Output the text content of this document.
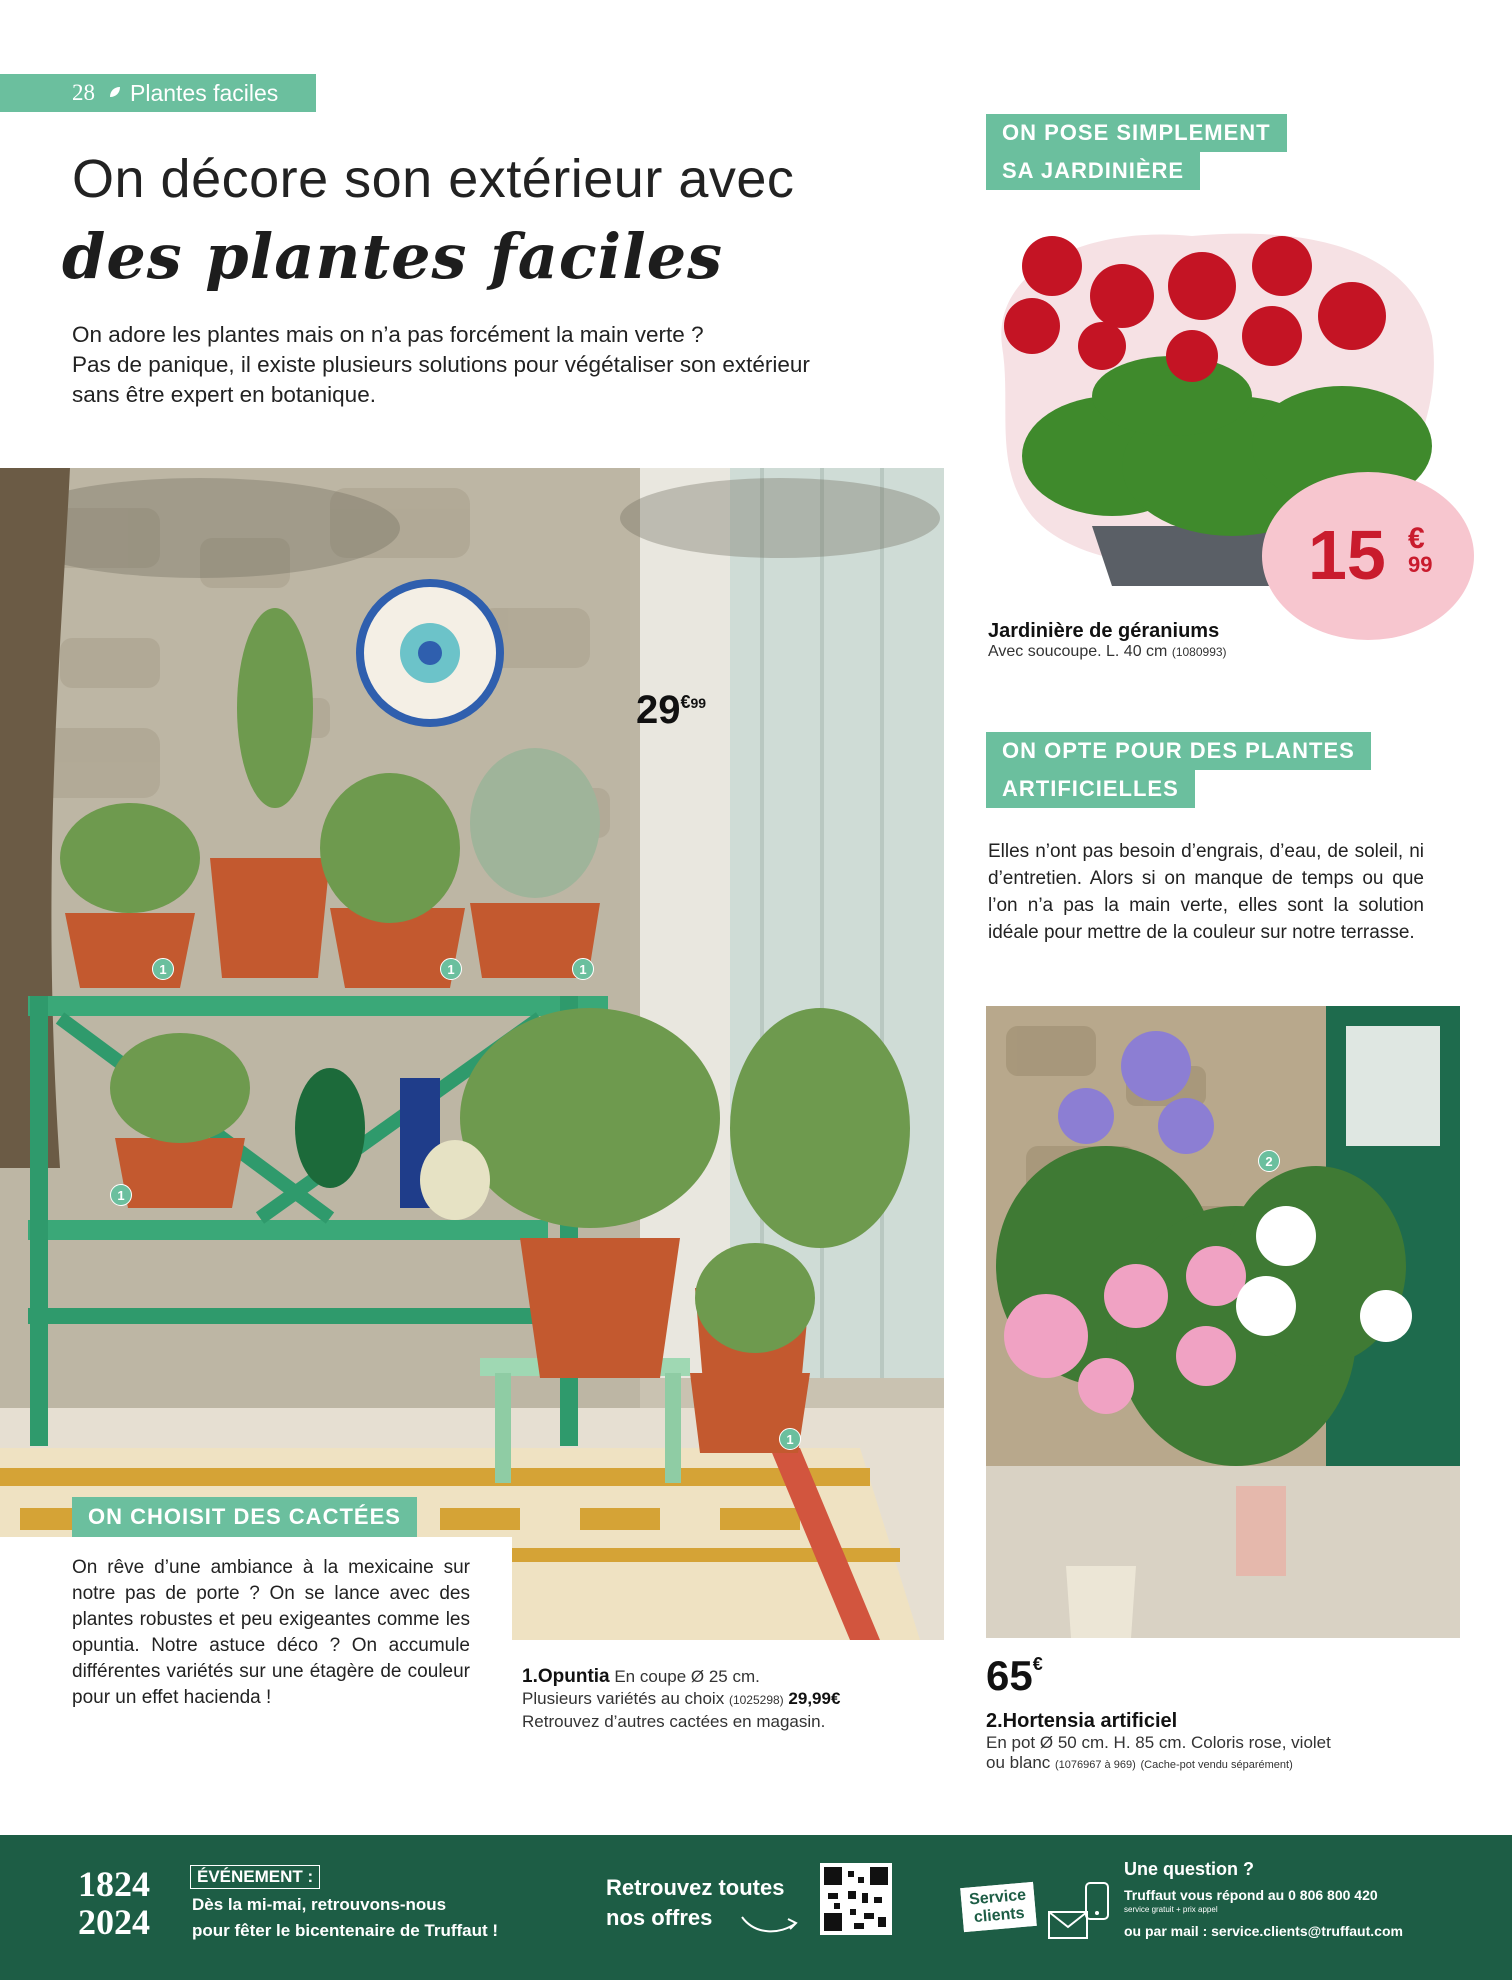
28 Plantes faciles
On décore son extérieur avec
des plantes faciles
On adore les plantes mais on n’a pas forcément la main verte ?
Pas de panique, il existe plusieurs solutions pour végétaliser son extérieur
sans être expert en botanique.
$29^{€99}$
1	1	1
1
1
ON CHOISIT DES CACTÉES
On rêve d’une ambiance à la mexicaine sur notre pas de porte ? On se lance avec des plantes robustes et peu exigeantes comme les opuntia. Notre astuce déco ? On accumule différentes variétés sur une étagère de couleur pour un effet hacienda !
1.Opuntia En coupe Ø 25 cm.
Plusieurs variétés au choix (1025298) 29,99€
Retrouvez d’autres cactées en magasin.
ON POSE SIMPLEMENT
SA JARDINIÈRE
15 €
99
Jardinière de géraniums
Avec soucoupe. L. 40 cm (1080993)
ON OPTE POUR DES PLANTES
ARTIFICIELLES
Elles n’ont pas besoin d’engrais, d’eau, de soleil, ni d’entretien. Alors si on manque de temps ou que l’on n’a pas la main verte, elles sont la solution idéale pour mettre de la couleur sur notre terrasse.
2
65€
2.Hortensia artificiel
En pot Ø 50 cm. H. 85 cm. Coloris rose, violet
ou blanc (1076967 à 969) (Cache-pot vendu séparément)
1824
2024
ÉVÉNEMENT :
Dès la mi-mai, retrouvons-nous
pour fêter le bicentenaire de Truffaut !
Retrouvez toutes
nos offres
Service
clients
Une question ?
Truffaut vous répond au 0 806 800 420
service gratuit + prix appel
ou par mail : service.clients@truffaut.com
